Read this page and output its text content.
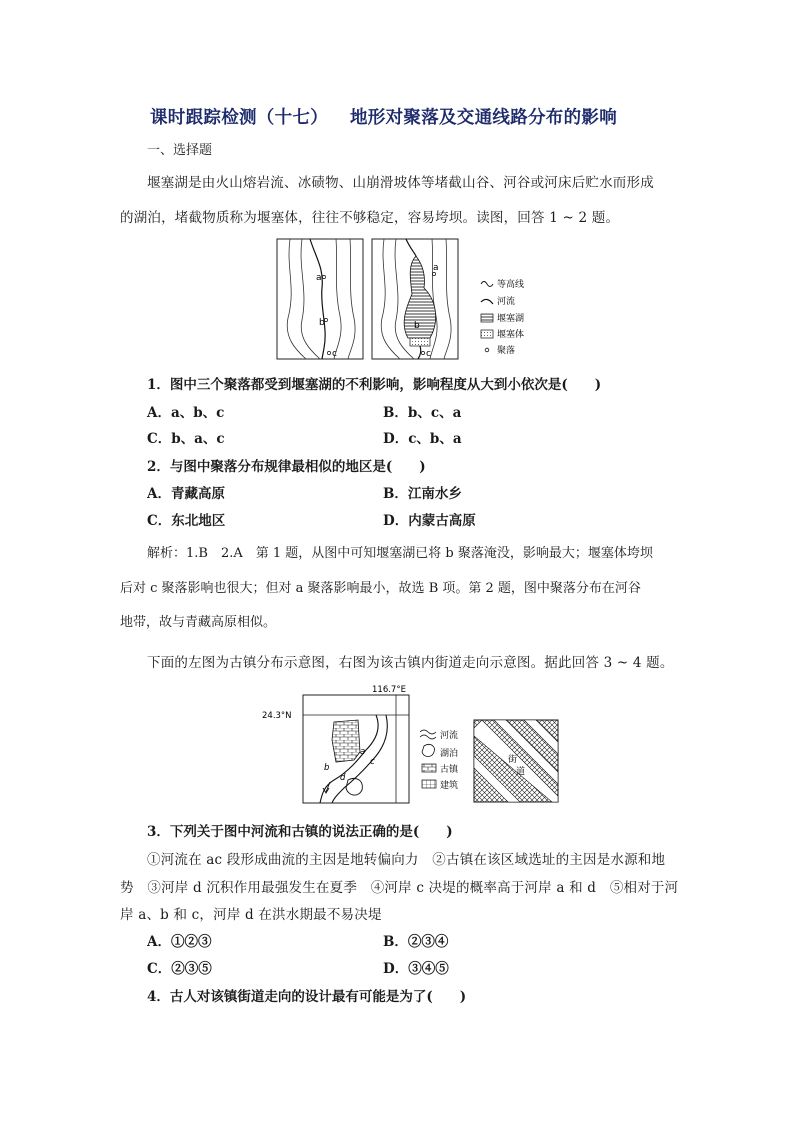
课时跟踪检测（十七） 地形对聚落及交通线路分布的影响
一、选择题
堰塞湖是由火山熔岩流、冰碛物、山崩滑坡体等堵截山谷、河谷或河床后贮水而形成
的湖泊，堵截物质称为堰塞体，往往不够稳定，容易垮坝。读图，回答 1 ~ 2 题。
a
b
c
a
b
c
等高线
河流
堰塞湖
堰塞体
聚落
1．图中三个聚落都受到堰塞湖的不利影响，影响程度从大到小依次是(　　)
A．a、b、c	B．b、c、a
C．b、a、c	D．c、b、a
2．与图中聚落分布规律最相似的地区是(　　)
A．青藏高原	B．江南水乡
C．东北地区	D．内蒙古高原
解析：1.B　2.A　第 1 题，从图中可知堰塞湖已将 b 聚落淹没，影响最大；堰塞体垮坝
后对 c 聚落影响也很大；但对 a 聚落影响最小，故选 B 项。第 2 题，图中聚落分布在河谷
地带，故与青藏高原相似。
下面的左图为古镇分布示意图，右图为该古镇内街道走向示意图。据此回答 3 ~ 4 题。
116.7°E
24.3°N
a
b
c
d
河流
湖泊
古镇
建筑
街
道
3．下列关于图中河流和古镇的说法正确的是(　　)
①河流在 ac 段形成曲流的主因是地转偏向力　②古镇在该区域选址的主因是水源和地
势　③河岸 d 沉积作用最强发生在夏季　④河岸 c 决堤的概率高于河岸 a 和 d　⑤相对于河
岸 a、b 和 c，河岸 d 在洪水期最不易决堤
A．①②③	B．②③④
C．②③⑤	D．③④⑤
4．古人对该镇街道走向的设计最有可能是为了(　　)
